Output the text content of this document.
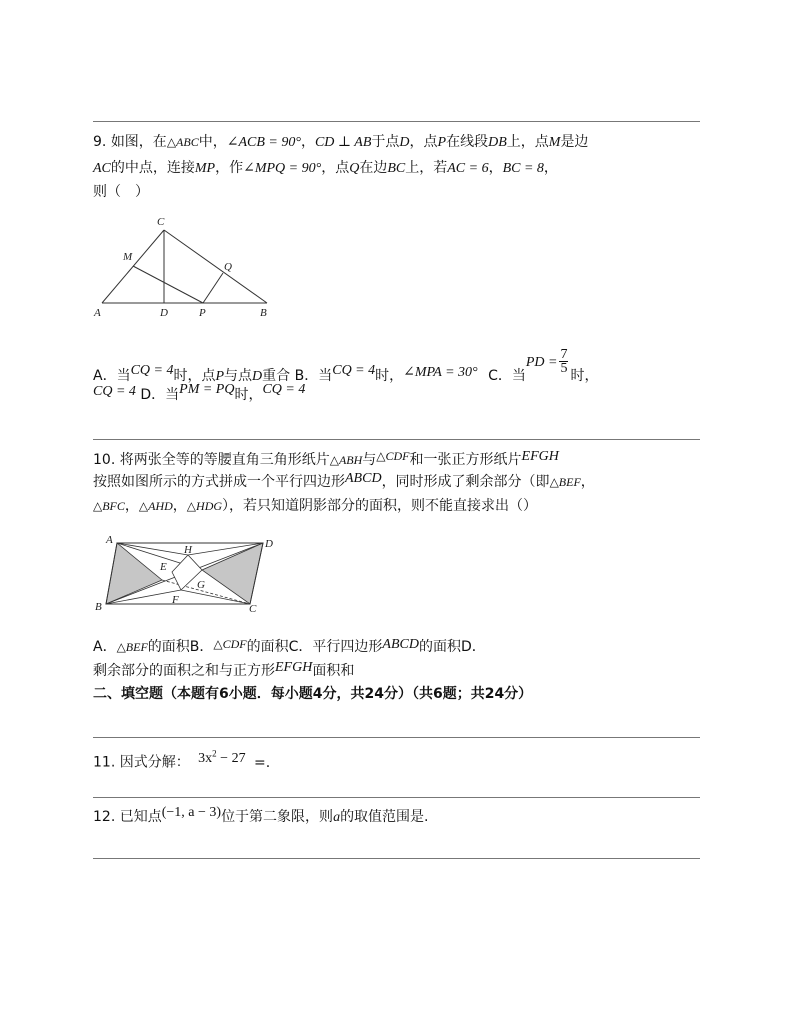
9. 如图，在△ABC中，∠ACB = 90°，CD ⊥ AB于点D，点P在线段DB上，点M是边
AC的中点，连接MP，作∠MPQ = 90°，点Q在边BC上，若AC = 6，BC = 8，
则（　）
C
M
Q
A	D	P	B
A．当CQ = 4时，点P与点D重合 B．当CQ = 4时，∠MPA = 30° C．当PD = $\frac{7}{5}$
时，
CQ = 4 D．当PM = PQ时，CQ = 4
10. 将两张全等的等腰直角三角形纸片△ABH与△CDF和一张正方形纸片EFGH
按照如图所示的方式拼成一个平行四边形ABCD，同时形成了剩余部分（即△BEF，
△BFC，△AHD，△HDG），若只知道阴影部分的面积，则不能直接求出（）
A
H	D
E
G
F
B	C
A．△BEF的面积B．△CDF的面积C．平行四边形ABCD的面积D．
剩余部分的面积之和与正方形EFGH面积和
二、填空题（本题有6小题．每小题4分，共24分）（共6题；共24分）
11. 因式分解： $3x^2 - 27$ =.
12. 已知点(−1, a − 3)位于第二象限，则a的取值范围是.
